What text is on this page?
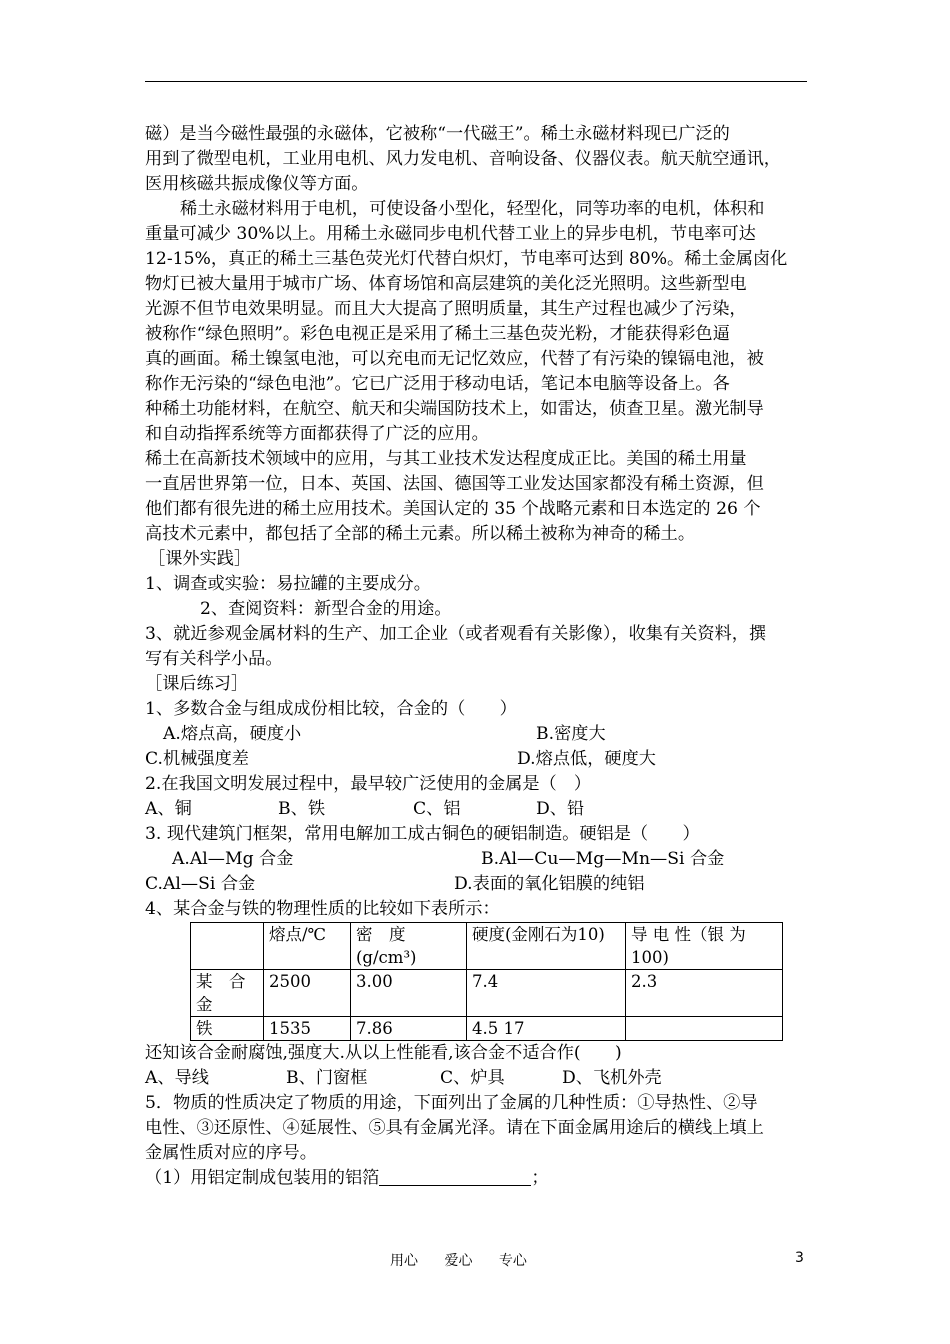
磁）是当今磁性最强的永磁体，它被称“一代磁王”。稀土永磁材料现已广泛的

用到了微型电机，工业用电机、风力发电机、音响设备、仪器仪表。航天航空通讯，

医用核磁共振成像仪等方面。

稀土永磁材料用于电机，可使设备小型化，轻型化，同等功率的电机，体积和

重量可减少 30%以上。用稀土永磁同步电机代替工业上的异步电机，节电率可达

12-15%，真正的稀土三基色荧光灯代替白炽灯，节电率可达到 80%。稀土金属卤化

物灯已被大量用于城市广场、体育场馆和高层建筑的美化泛光照明。这些新型电

光源不但节电效果明显。而且大大提高了照明质量，其生产过程也减少了污染，

被称作“绿色照明”。彩色电视正是采用了稀土三基色荧光粉，才能获得彩色逼

真的画面。稀土镍氢电池，可以充电而无记忆效应，代替了有污染的镍镉电池，被

称作无污染的“绿色电池”。它已广泛用于移动电话，笔记本电脑等设备上。各

种稀土功能材料，在航空、航天和尖端国防技术上，如雷达，侦查卫星。激光制导

和自动指挥系统等方面都获得了广泛的应用。

稀土在高新技术领域中的应用，与其工业技术发达程度成正比。美国的稀土用量

一直居世界第一位，日本、英国、法国、德国等工业发达国家都没有稀土资源，但

他们都有很先进的稀土应用技术。美国认定的 35 个战略元素和日本选定的 26 个

高技术元素中，都包括了全部的稀土元素。所以稀土被称为神奇的稀土。

［课外实践］

1、调查或实验：易拉罐的主要成分。

2、查阅资料：新型合金的用途。

3、就近参观金属材料的生产、加工企业（或者观看有关影像），收集有关资料，撰

写有关科学小品。

［课后练习］

1、多数合金与组成成份相比较，合金的（　　）

A.熔点高，硬度小	B.密度大
C.机械强度差	D.熔点低，硬度大

2.在我国文明发展过程中，最早较广泛使用的金属是（　）

A、铜	B、铁	C、铝	D、铅

3. 现代建筑门框架，常用电解加工成古铜色的硬铝制造。硬铝是（　　）

A.Al—Mg 合金	B.Al—Cu—Mg—Mn—Si 合金
C.Al—Si 合金	D.表面的氧化铝膜的纯铝

4、某合金与铁的物理性质的比较如下表所示：

	熔点/℃	密　度　(g/cm³)	硬度(金刚石为10)	导 电 性（银 为100)
某　合金	2500	3.00	7.4	2.3
铁	1535	7.86	4.5 17	

还知该合金耐腐蚀,强度大.从以上性能看,该合金不适合作(　　)

A、导线	B、门窗框	C、炉具	D、飞机外壳

5．物质的性质决定了物质的用途，下面列出了金属的几种性质：①导热性、②导

电性、③还原性、④延展性、⑤具有金属光泽。请在下面金属用途后的横线上填上

金属性质对应的序号。

（1）用铝定制成包装用的铝箔	；

用心 爱心 专心	3
